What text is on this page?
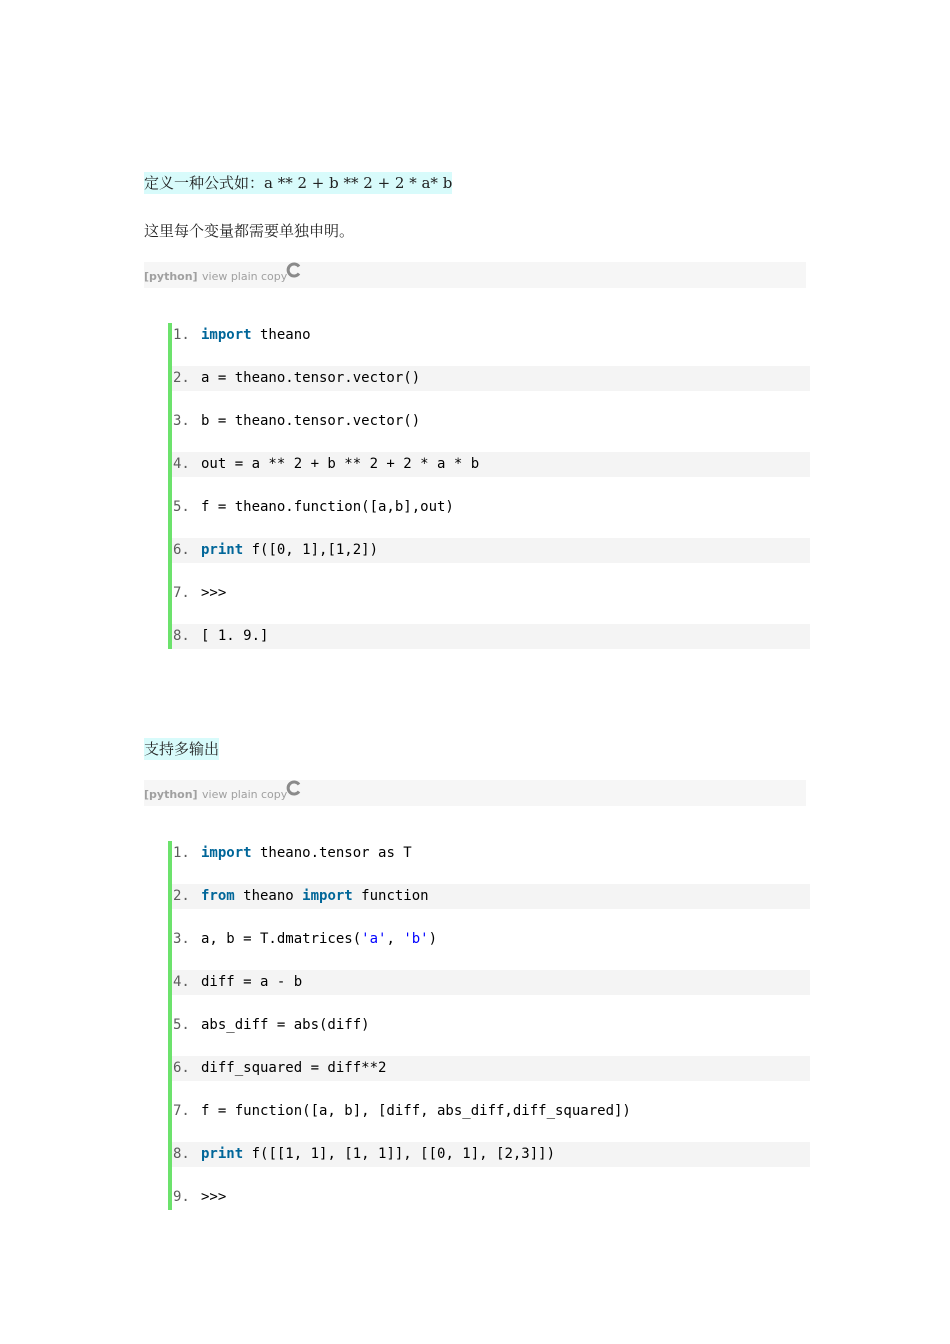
定义一种公式如：a ** 2 + b ** 2 + 2 * a* b
这里每个变量都需要单独申明。
[python] view plain copy
1. import theano
2. a = theano.tensor.vector()
3. b = theano.tensor.vector()
4. out = a ** 2 + b ** 2 + 2 * a * b
5. f = theano.function([a,b],out)
6. print f([0, 1],[1,2])
7. >>>
8. [ 1. 9.]
支持多输出
[python] view plain copy
1. import theano.tensor as T
2. from theano import function
3. a, b = T.dmatrices('a', 'b')
4. diff = a - b
5. abs_diff = abs(diff)
6. diff_squared = diff**2
7. f = function([a, b], [diff, abs_diff,diff_squared])
8. print f([[1, 1], [1, 1]], [[0, 1], [2,3]])
9. >>>
